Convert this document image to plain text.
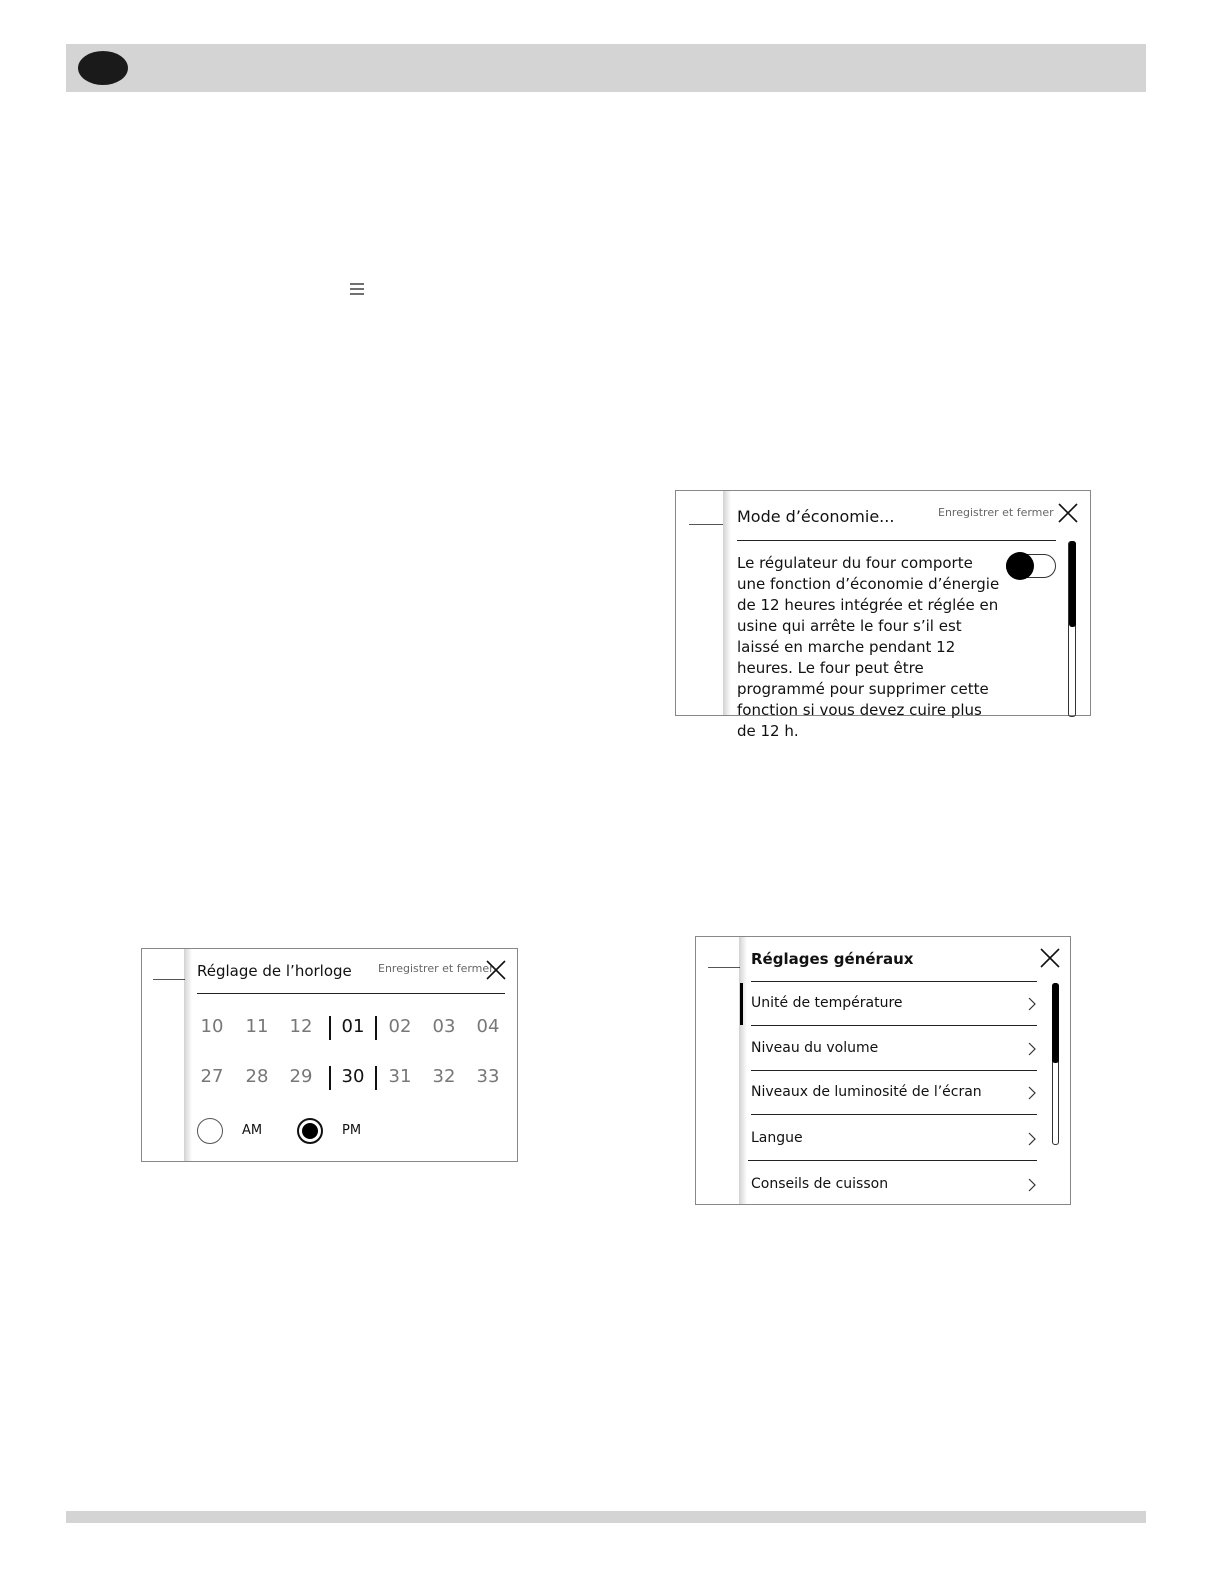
Mode d’économie...	Enregistrer et fermer
Le régulateur du four comporte une fonction d’économie d’énergie de 12 heures intégrée et réglée en usine qui arrête le four s’il est laissé en marche pendant 12 heures. Le four peut être programmé pour supprimer cette fonction si vous devez cuire plus de 12 h.
Réglage de l’horloge Enregistrer et fermer
10	11	12	01	02	03	04
27	28	29	30	31	32	33
AM	PM
Réglages généraux
Unité de température
Niveau du volume
Niveaux de luminosité de l’écran
Langue
Conseils de cuisson
